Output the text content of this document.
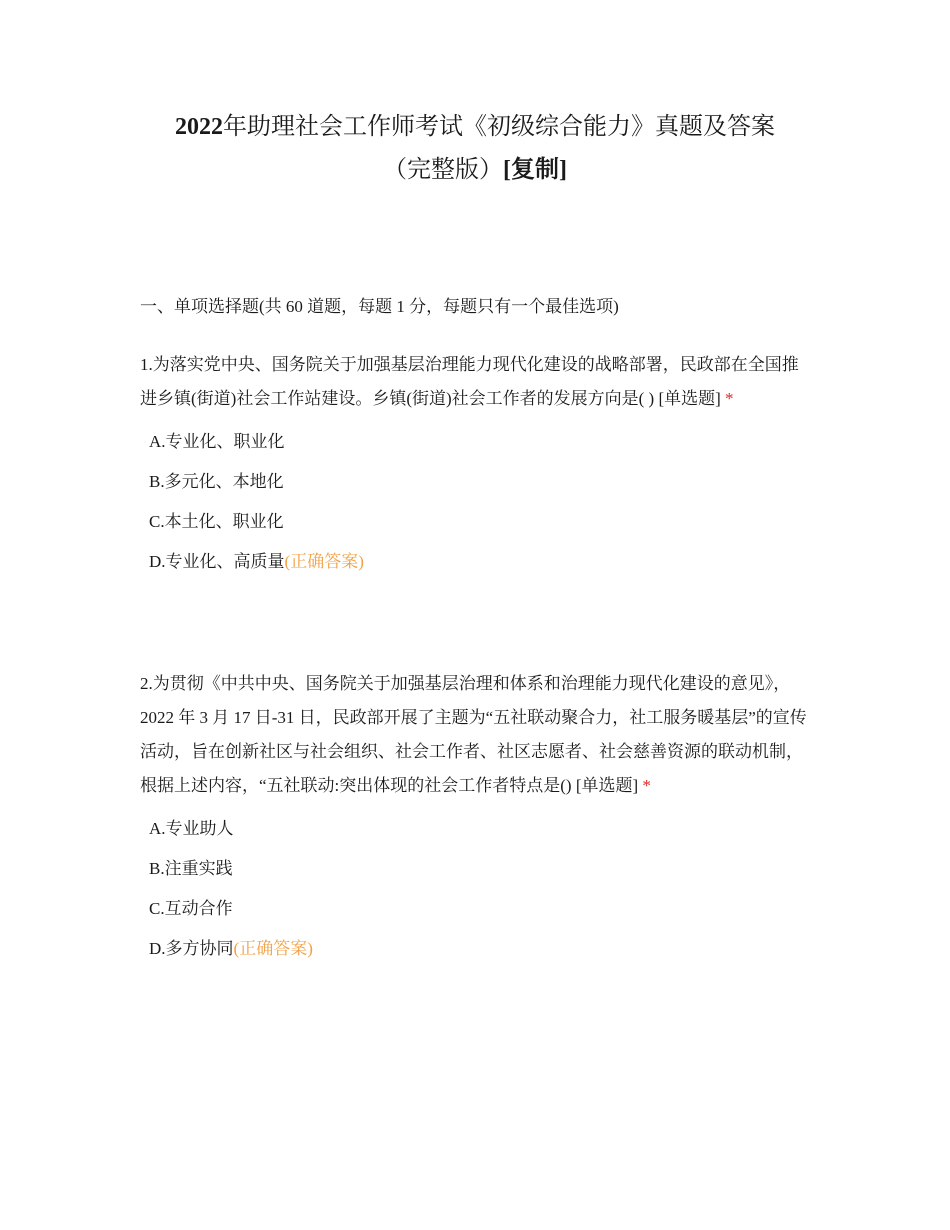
2022年助理社会工作师考试《初级综合能力》真题及答案
（完整版）[复制]

一、单项选择题(共 60 道题，每题 1 分，每题只有一个最佳选项)

1.为落实党中央、国务院关于加强基层治理能力现代化建设的战略部署，民政部在全国推进乡镇(街道)社会工作站建设。乡镇(街道)社会工作者的发展方向是( ) [单选题] *

A.专业化、职业化
B.多元化、本地化
C.本土化、职业化
D.专业化、高质量(正确答案)

2.为贯彻《中共中央、国务院关于加强基层治理和体系和治理能力现代化建设的意见》，2022 年 3 月 17 日-31 日，民政部开展了主题为“五社联动聚合力，社工服务暖基层”的宣传活动，旨在创新社区与社会组织、社会工作者、社区志愿者、社会慈善资源的联动机制，根据上述内容，“五社联动:突出体现的社会工作者特点是() [单选题] *

A.专业助人
B.注重实践
C.互动合作
D.多方协同(正确答案)
